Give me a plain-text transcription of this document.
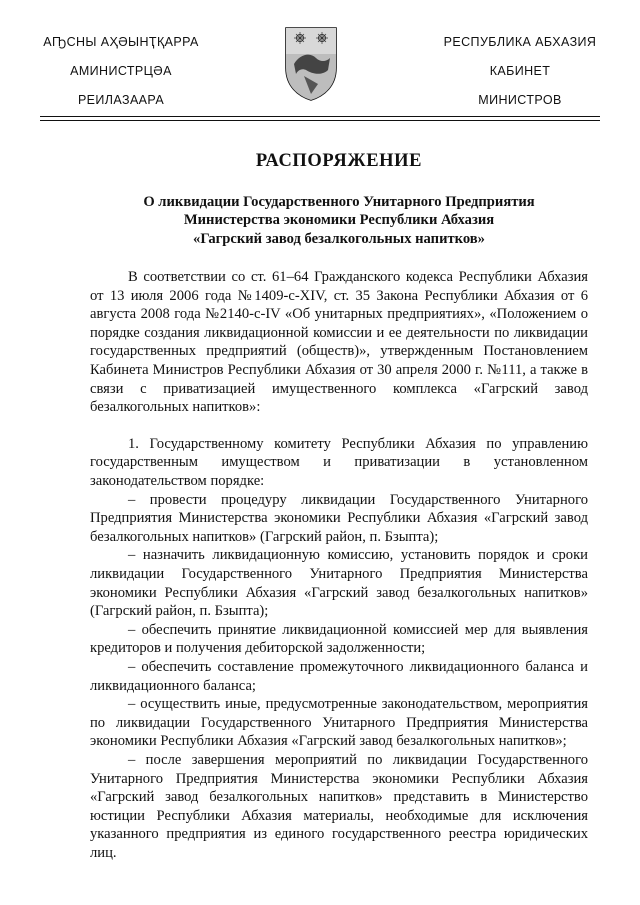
АҦСНЫ АҲӘЫНҬҚАРРА
АМИНИСТРЦӘА
РЕИЛАЗААРА
РЕСПУБЛИКА АБХАЗИЯ
КАБИНЕТ
МИНИСТРОВ
РАСПОРЯЖЕНИЕ
О ликвидации Государственного Унитарного Предприятия
Министерства экономики Республики Абхазия
«Гагрский завод безалкогольных напитков»

В соответствии со ст. 61–64 Гражданского кодекса Республики Абхазия от 13 июля 2006 года №1409-с-XIV, ст. 35 Закона Республики Абхазия от 6 августа 2008 года №2140-с-IV «Об унитарных предприятиях», «Положением о порядке создания ликвидационной комиссии и ее деятельности по ликвидации государственных предприятий (обществ)», утвержденным Постановлением Кабинета Министров Республики Абхазия от 30 апреля 2000 г. №111, а также в связи с приватизацией имущественного комплекса «Гагрский завод безалкогольных напитков»:

1. Государственному комитету Республики Абхазия по управлению государственным имуществом и приватизации в установленном законодательством порядке:

– провести процедуру ликвидации Государственного Унитарного Предприятия Министерства экономики Республики Абхазия «Гагрский завод безалкогольных напитков» (Гагрский район, п. Бзыпта);

– назначить ликвидационную комиссию, установить порядок и сроки ликвидации Государственного Унитарного Предприятия Министерства экономики Республики Абхазия «Гагрский завод безалкогольных напитков» (Гагрский район, п. Бзыпта);

– обеспечить принятие ликвидационной комиссией мер для выявления кредиторов и получения дебиторской задолженности;

– обеспечить составление промежуточного ликвидационного баланса и ликвидационного баланса;

– осуществить иные, предусмотренные законодательством, мероприятия по ликвидации Государственного Унитарного Предприятия Министерства экономики Республики Абхазия «Гагрский завод безалкогольных напитков»;

– после завершения мероприятий по ликвидации Государственного Унитарного Предприятия Министерства экономики Республики Абхазия «Гагрский завод безалкогольных напитков» представить в Министерство юстиции Республики Абхазия материалы, необходимые для исключения указанного предприятия из единого государственного реестра юридических лиц.
